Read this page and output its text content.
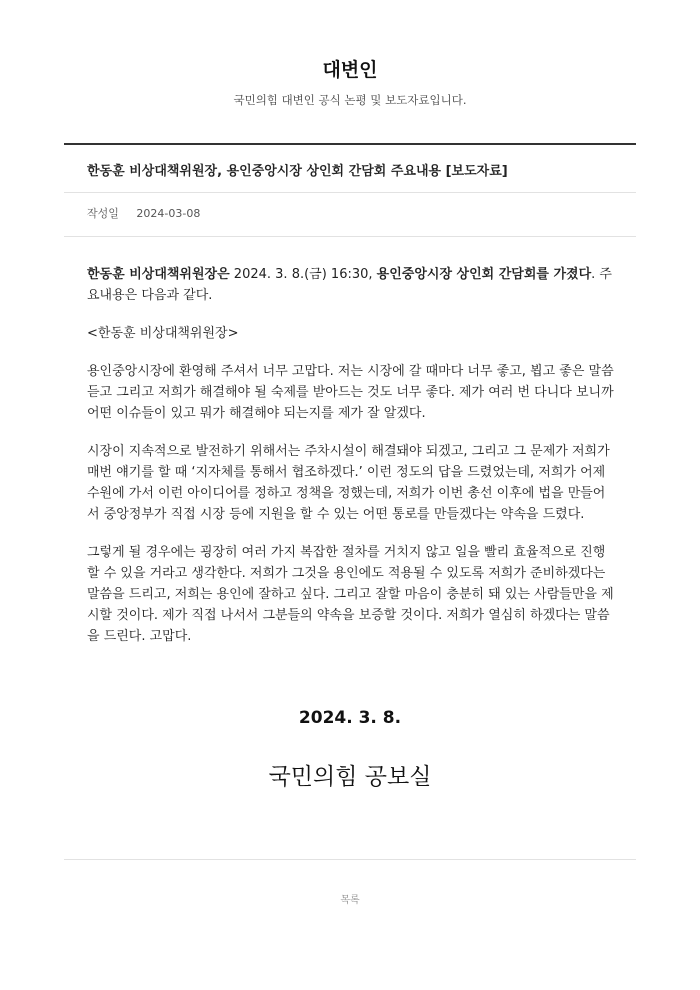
대변인
국민의힘 대변인 공식 논평 및 보도자료입니다.
한동훈 비상대책위원장, 용인중앙시장 상인회 간담회 주요내용 [보도자료]
작성일 2024-03-08

한동훈 비상대책위원장은 2024. 3. 8.(금) 16:30, 용인중앙시장 상인회 간담회를 가졌다. 주요내용은 다음과 같다.

<한동훈 비상대책위원장>

용인중앙시장에 환영해 주셔서 너무 고맙다. 저는 시장에 갈 때마다 너무 좋고, 뵙고 좋은 말씀 듣고 그리고 저희가 해결해야 될 숙제를 받아드는 것도 너무 좋다. 제가 여러 번 다니다 보니까 어떤 이슈들이 있고 뭐가 해결해야 되는지를 제가 잘 알겠다.

시장이 지속적으로 발전하기 위해서는 주차시설이 해결돼야 되겠고, 그리고 그 문제가 저희가 매번 얘기를 할 때 ‘지자체를 통해서 협조하겠다.’ 이런 정도의 답을 드렸었는데, 저희가 어제 수원에 가서 이런 아이디어를 정하고 정책을 정했는데, 저희가 이번 총선 이후에 법을 만들어서 중앙정부가 직접 시장 등에 지원을 할 수 있는 어떤 통로를 만들겠다는 약속을 드렸다.

그렇게 될 경우에는 굉장히 여러 가지 복잡한 절차를 거치지 않고 일을 빨리 효율적으로 진행할 수 있을 거라고 생각한다. 저희가 그것을 용인에도 적용될 수 있도록 저희가 준비하겠다는 말씀을 드리고, 저희는 용인에 잘하고 싶다. 그리고 잘할 마음이 충분히 돼 있는 사람들만을 제시할 것이다. 제가 직접 나서서 그분들의 약속을 보증할 것이다. 저희가 열심히 하겠다는 말씀을 드린다. 고맙다.

2024. 3. 8.
국민의힘 공보실
목록
